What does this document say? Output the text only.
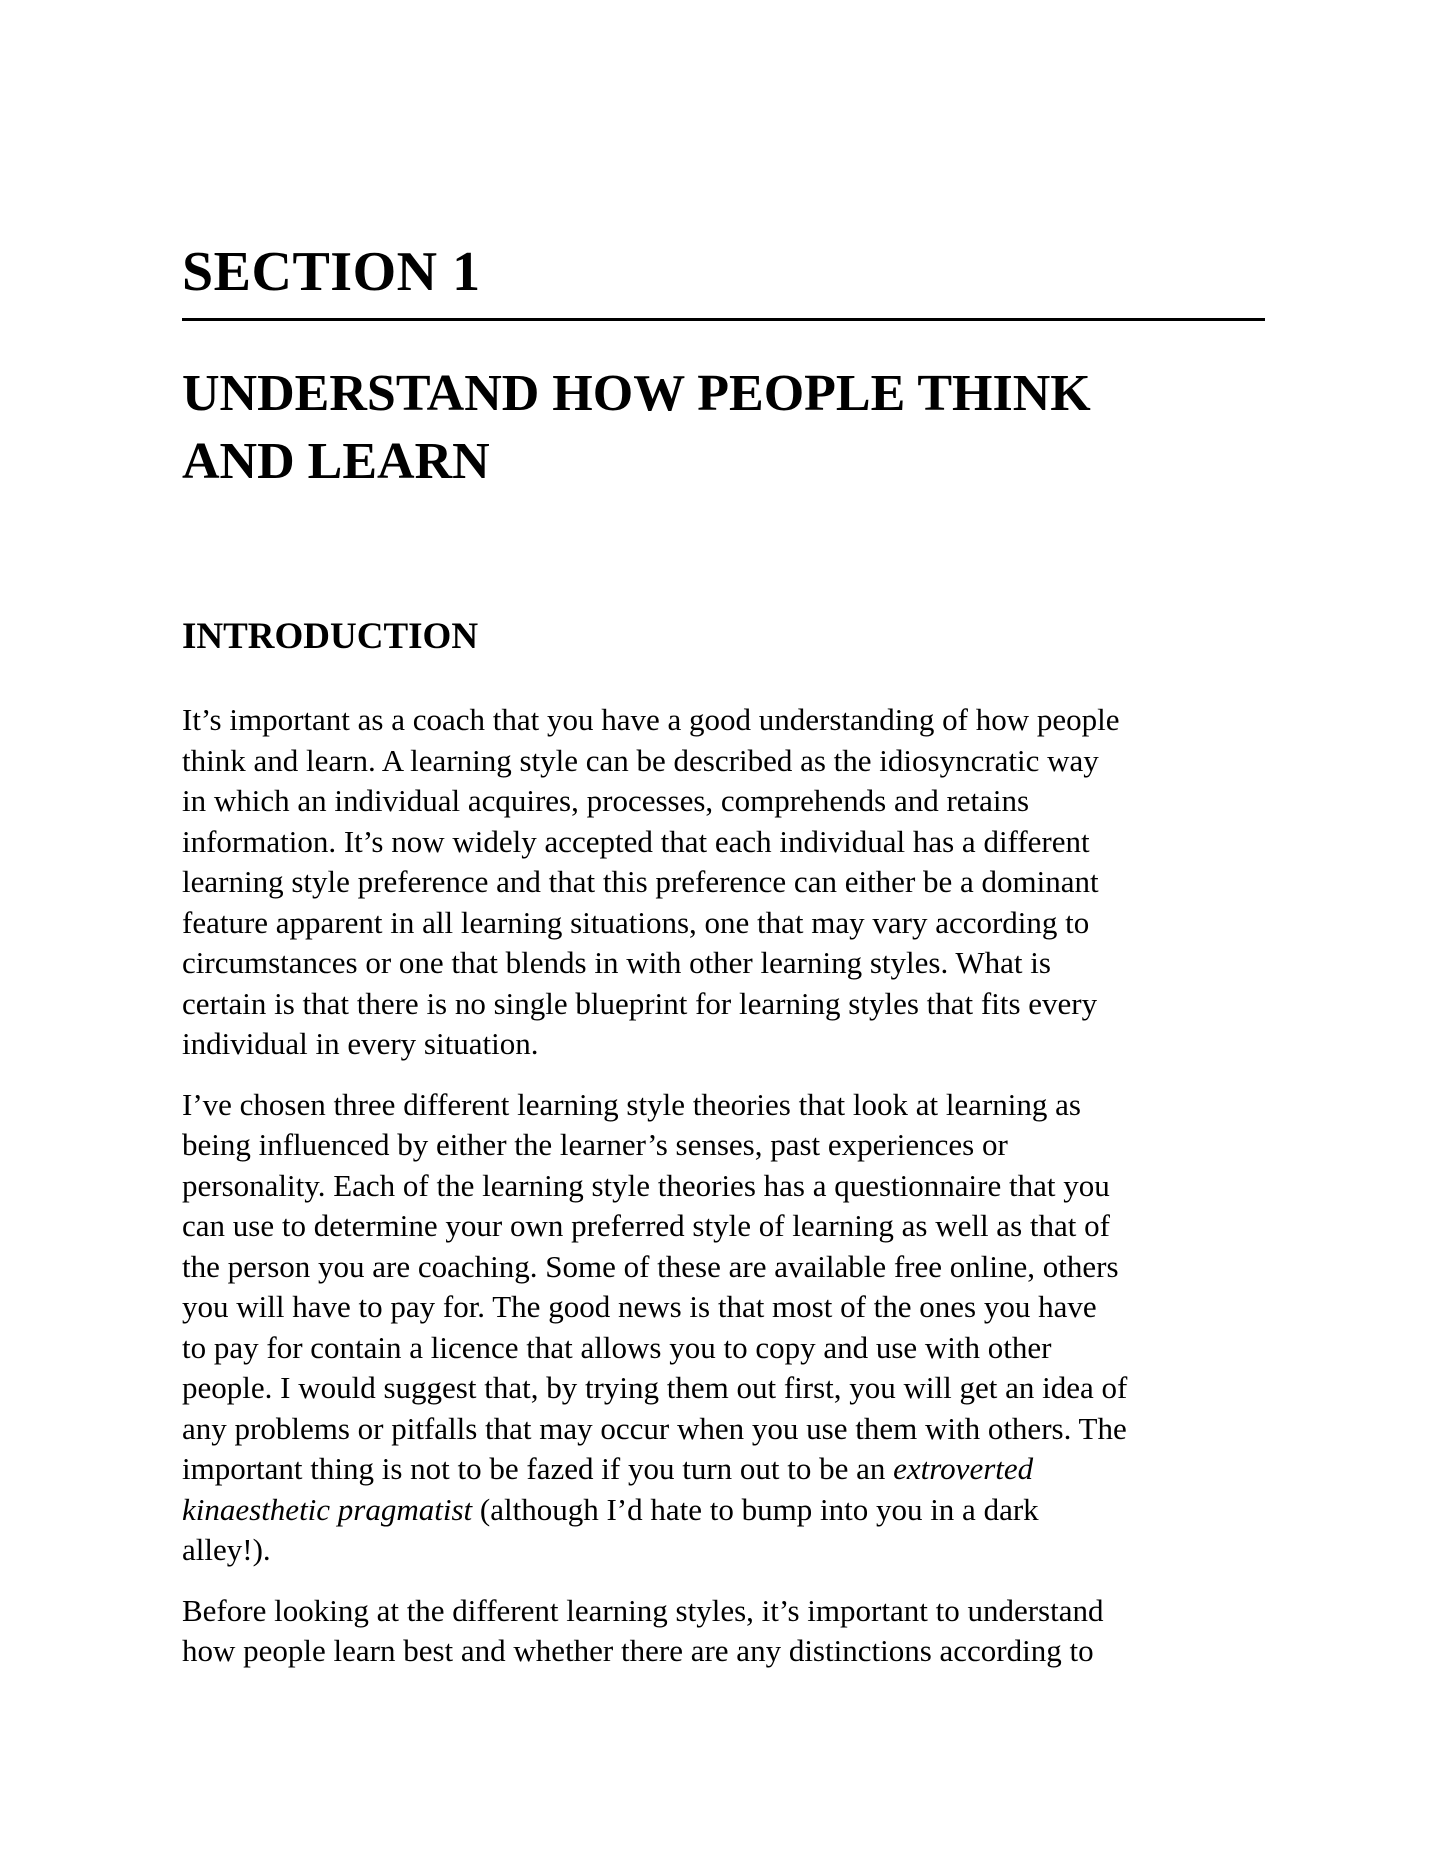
SECTION 1
UNDERSTAND HOW PEOPLE THINK
AND LEARN
INTRODUCTION

It’s important as a coach that you have a good understanding of how people
think and learn. A learning style can be described as the idiosyncratic way
in which an individual acquires, processes, comprehends and retains
information. It’s now widely accepted that each individual has a different
learning style preference and that this preference can either be a dominant
feature apparent in all learning situations, one that may vary according to
circumstances or one that blends in with other learning styles. What is
certain is that there is no single blueprint for learning styles that fits every
individual in every situation.

I’ve chosen three different learning style theories that look at learning as
being influenced by either the learner’s senses, past experiences or
personality. Each of the learning style theories has a questionnaire that you
can use to determine your own preferred style of learning as well as that of
the person you are coaching. Some of these are available free online, others
you will have to pay for. The good news is that most of the ones you have
to pay for contain a licence that allows you to copy and use with other
people. I would suggest that, by trying them out first, you will get an idea of
any problems or pitfalls that may occur when you use them with others. The
important thing is not to be fazed if you turn out to be an extroverted
kinaesthetic pragmatist (although I’d hate to bump into you in a dark
alley!).

Before looking at the different learning styles, it’s important to understand
how people learn best and whether there are any distinctions according to
